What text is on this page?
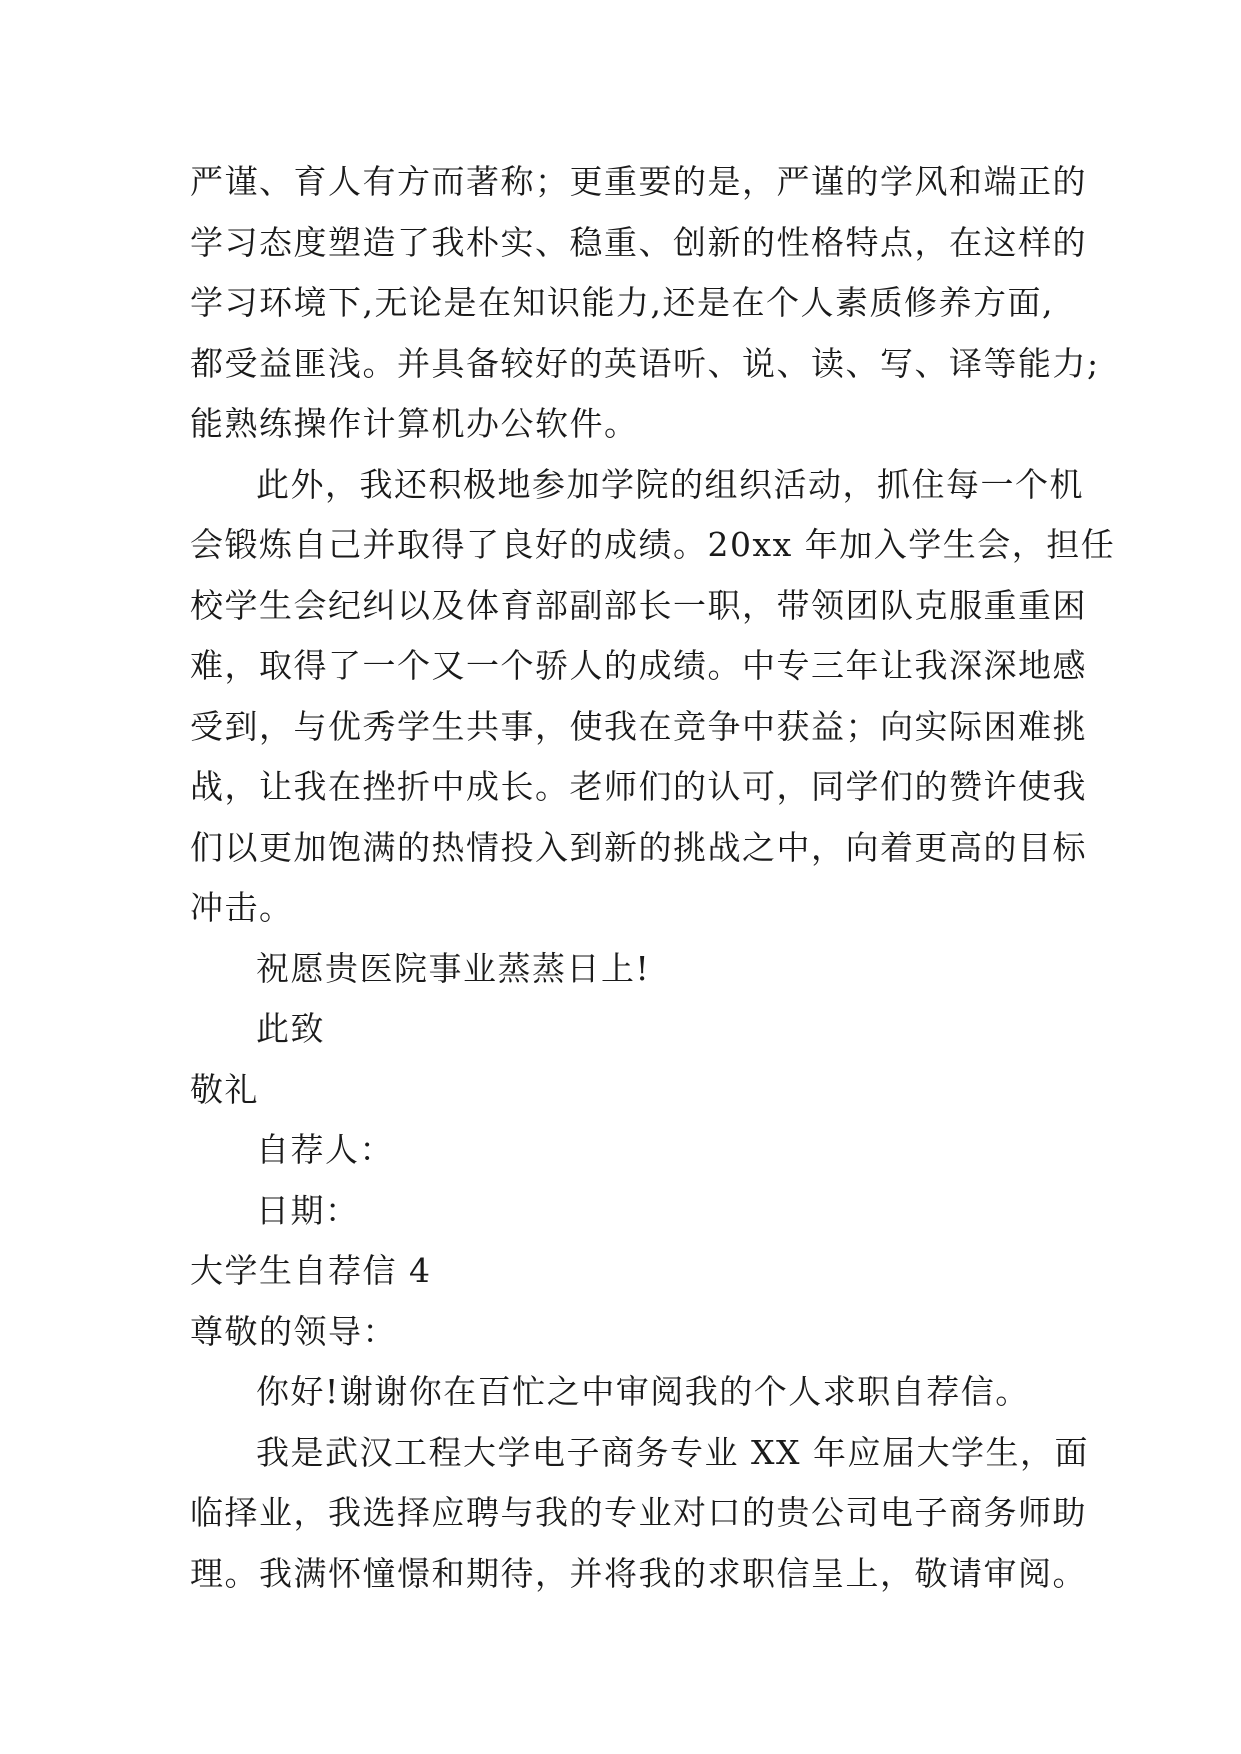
严谨、育人有方而著称；更重要的是，严谨的学风和端正的
学习态度塑造了我朴实、稳重、创新的性格特点，在这样的
学习环境下,无论是在知识能力,还是在个人素质修养方面,
都受益匪浅。并具备较好的英语听、说、读、写、译等能力;
能熟练操作计算机办公软件。
此外，我还积极地参加学院的组织活动，抓住每一个机
会锻炼自己并取得了良好的成绩。20xx 年加入学生会，担任
校学生会纪纠以及体育部副部长一职，带领团队克服重重困
难，取得了一个又一个骄人的成绩。中专三年让我深深地感
受到，与优秀学生共事，使我在竞争中获益；向实际困难挑
战，让我在挫折中成长。老师们的认可，同学们的赞许使我
们以更加饱满的热情投入到新的挑战之中，向着更高的目标
冲击。
祝愿贵医院事业蒸蒸日上!
此致
敬礼
自荐人：
日期：
大学生自荐信 4
尊敬的领导：
你好!谢谢你在百忙之中审阅我的个人求职自荐信。
我是武汉工程大学电子商务专业 XX 年应届大学生，面
临择业，我选择应聘与我的专业对口的贵公司电子商务师助
理。我满怀憧憬和期待，并将我的求职信呈上，敬请审阅。
